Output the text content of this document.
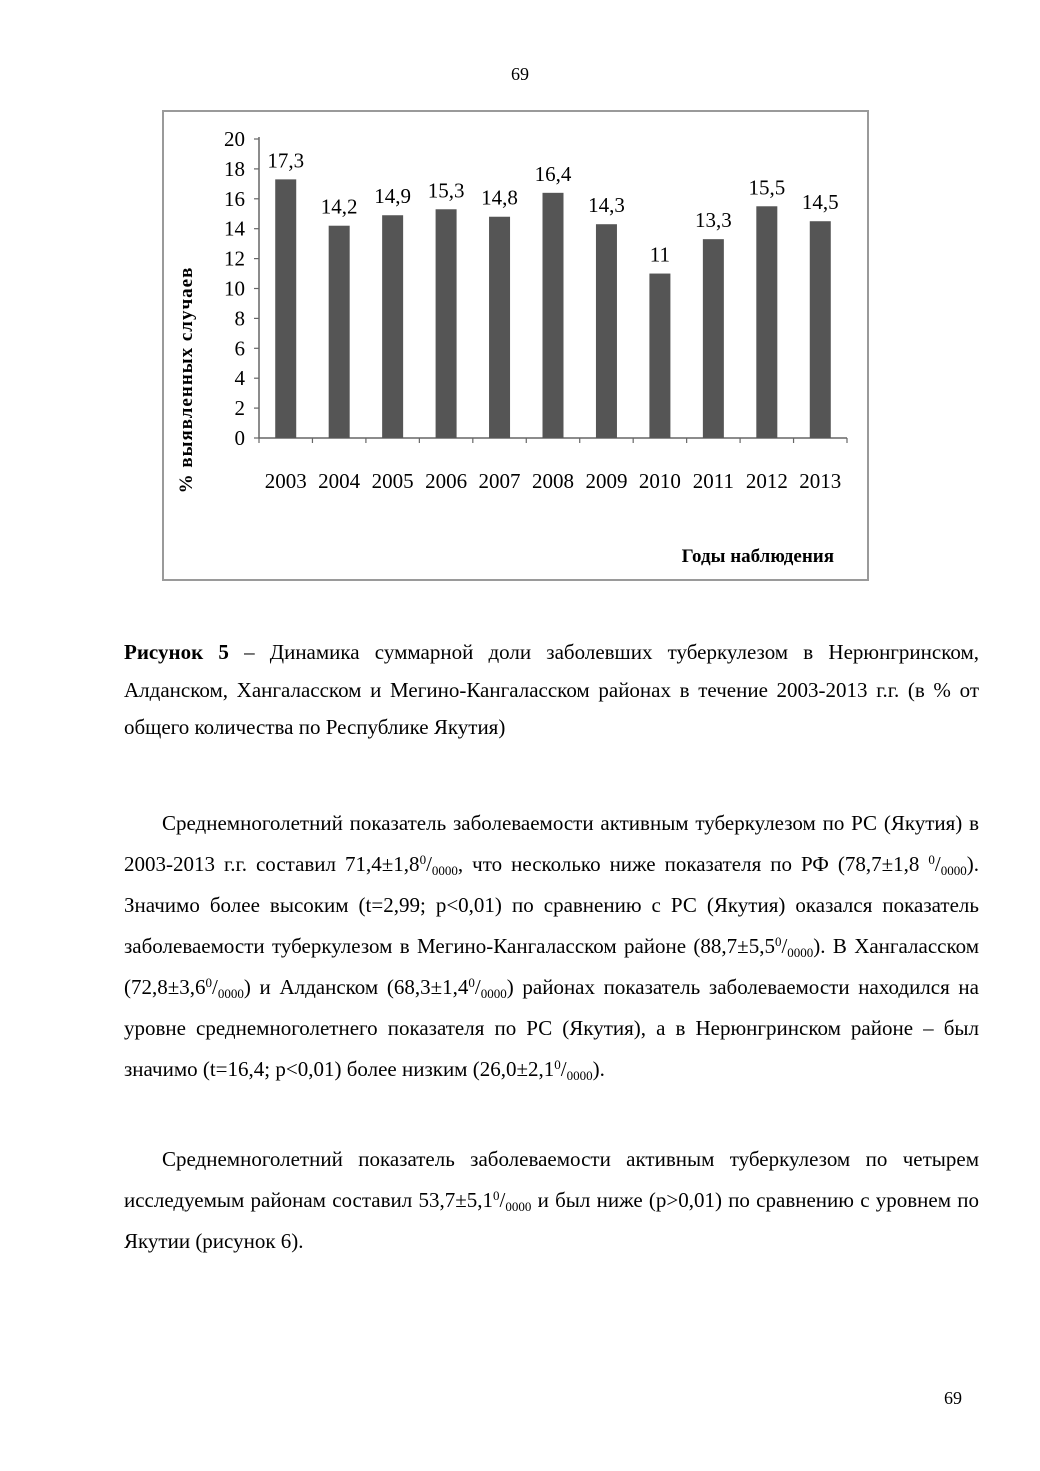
69
0
2
4
6
8
10
12
14
16
18
20
17,3
2003
14,2
2004
14,9
2005
15,3
2006
14,8
2007
16,4
2008
14,3
2009
11
2010
13,3
2011
15,5
2012
14,5
2013
% выявленных случаев
Годы наблюдения
Рисунок 5 – Динамика суммарной доли заболевших туберкулезом в Нерюнгринском, Алданском, Хангаласском и Мегино-Кангаласском районах в течение 2003-2013 г.г. (в % от общего количества по Республике Якутия)

Среднемноголетний показатель заболеваемости активным туберкулезом по РС (Якутия) в 2003-2013 г.г. составил $71,4\pm 1,8^0/_{0000}$, что несколько ниже показателя по РФ (78,7±1,8 $^0/_{0000}$). Значимо более высоким (t=2,99; p<0,01) по сравнению с РС (Якутия) оказался показатель заболеваемости туберкулезом в Мегино-Кангаласском районе $(88,7\pm 5,5^0/_{0000})$. В Хангаласском $(72,8\pm 3,6^0/_{0000})$ и Алданском $(68,3\pm 1,4^0/_{0000})$ районах показатель заболеваемости находился на уровне среднемноголетнего показателя по РС (Якутия), а в Нерюнгринском районе – был значимо (t=16,4; p<0,01) более низким $(26,0\pm 2,1^0/_{0000})$.

Среднемноголетний показатель заболеваемости активным туберкулезом по четырем исследуемым районам составил $53,7\pm 5,1^0/_{0000}$ и был ниже (p>0,01) по сравнению с уровнем по Якутии (рисунок 6).

69
